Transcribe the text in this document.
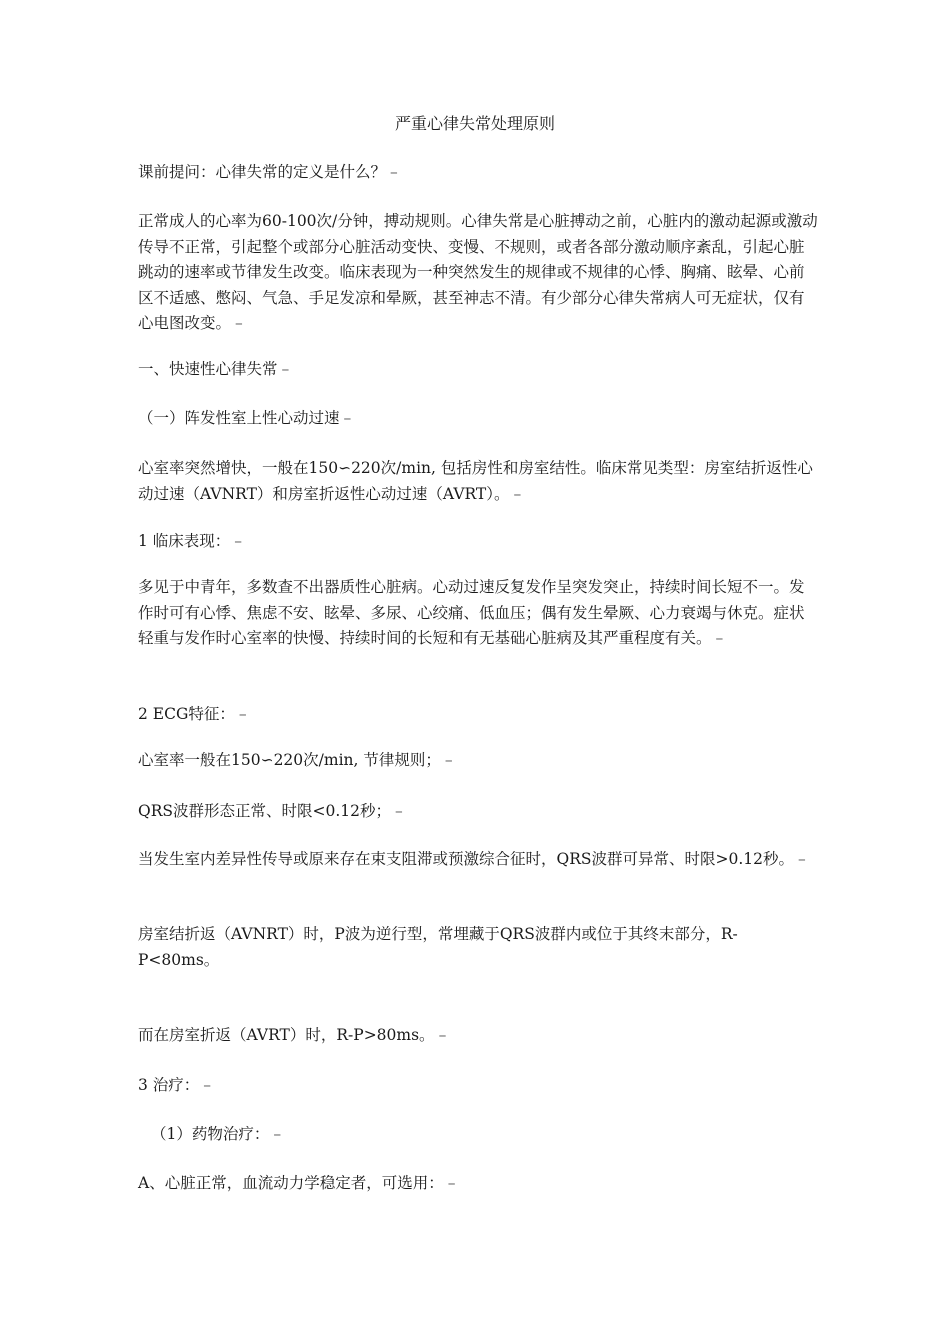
严重心律失常处理原则

课前提问：心律失常的定义是什么？ –

正常成人的心率为60-100次/分钟，搏动规则。心律失常是心脏搏动之前，心脏内的激动起源或激动传导不正常，引起整个或部分心脏活动变快、变慢、不规则，或者各部分激动顺序紊乱，引起心脏跳动的速率或节律发生改变。临床表现为一种突然发生的规律或不规律的心悸、胸痛、眩晕、心前区不适感、憋闷、气急、手足发凉和晕厥，甚至神志不清。有少部分心律失常病人可无症状，仅有心电图改变。 –

一、快速性心律失常 –

（一）阵发性室上性心动过速 –

心室率突然增快，一般在150∽220次/min, 包括房性和房室结性。临床常见类型：房室结折返性心动过速（AVNRT）和房室折返性心动过速（AVRT）。 –

1 临床表现： –

多见于中青年，多数查不出器质性心脏病。心动过速反复发作呈突发突止，持续时间长短不一。发作时可有心悸、焦虑不安、眩晕、多尿、心绞痛、低血压；偶有发生晕厥、心力衰竭与休克。症状轻重与发作时心室率的快慢、持续时间的长短和有无基础心脏病及其严重程度有关。 –

2 ECG特征： –

心室率一般在150∽220次/min, 节律规则； –

QRS波群形态正常、时限<0.12秒； –

当发生室内差异性传导或原来存在束支阻滞或预激综合征时，QRS波群可异常、时限>0.12秒。 –

房室结折返（AVNRT）时，P波为逆行型，常埋藏于QRS波群内或位于其终末部分，R-P<80ms。

而在房室折返（AVRT）时，R-P>80ms。 –

3 治疗： –

（1）药物治疗： –

A、心脏正常，血流动力学稳定者，可选用： –
